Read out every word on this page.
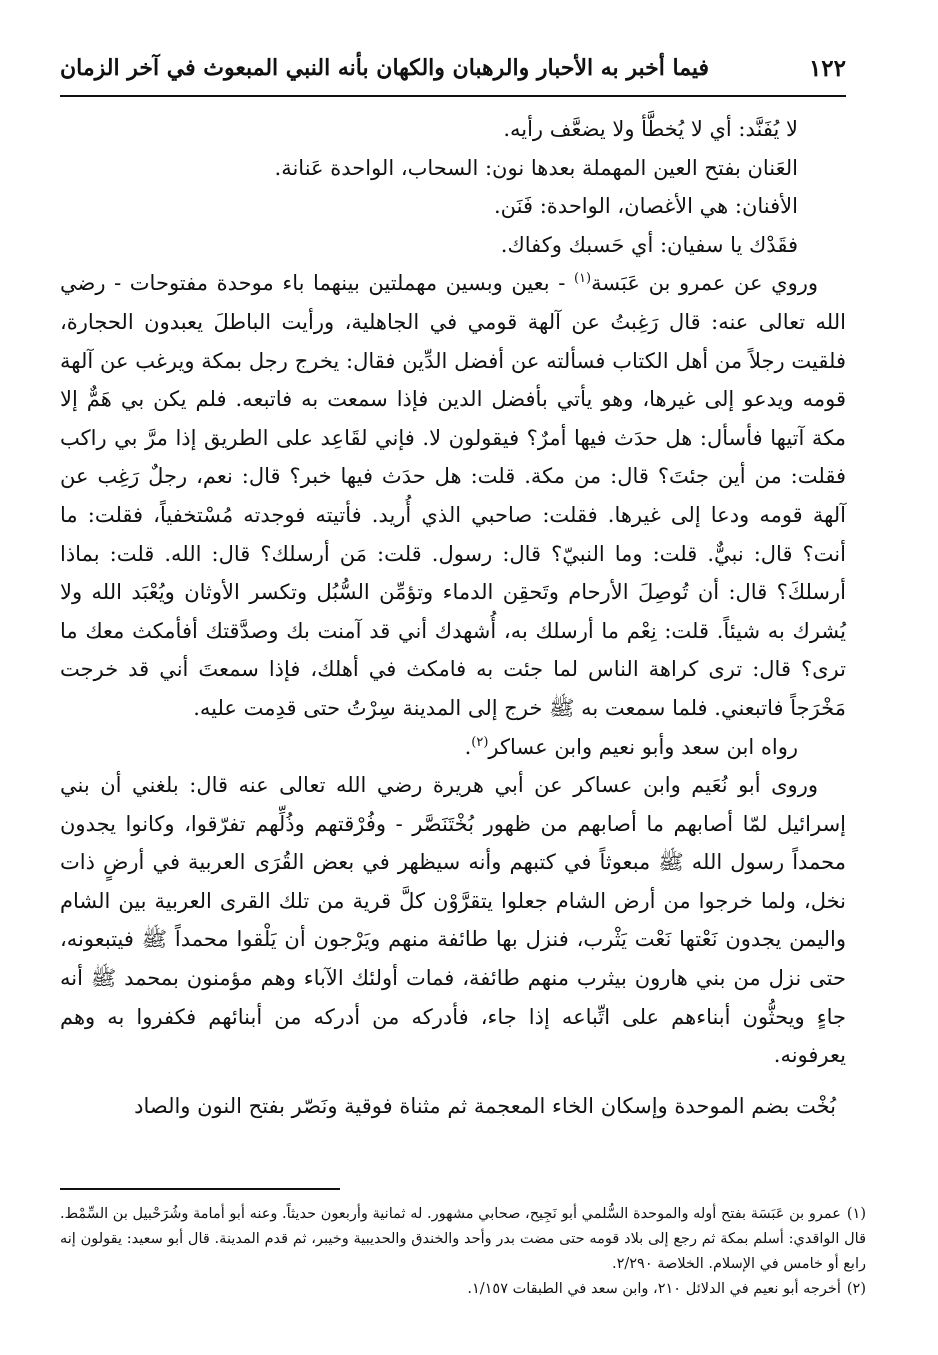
١٢٢
فيما أخبر به الأحبار والرهبان والكهان بأنه النبي المبعوث في آخر الزمان

لا يُفَنَّد: أي لا يُخطَّأ ولا يضعَّف رأيه.

العَنان بفتح العين المهملة بعدها نون: السحاب، الواحدة عَنانة.

الأفنان: هي الأغصان، الواحدة: فَنَن.

فقَدْك يا سفيان: أي حَسبك وكفاك.

وروي عن عمرو بن عَبَسة$^{(١)}$ - بعين وبسين مهملتين بينهما باء موحدة مفتوحات - رضي الله تعالى عنه: قال رَغِبتُ عن آلهة قومي في الجاهلية، ورأيت الباطلَ يعبدون الحجارة، فلقيت رجلاً من أهل الكتاب فسألته عن أفضل الدِّين فقال: يخرج رجل بمكة ويرغب عن آلهة قومه ويدعو إلى غيرها، وهو يأتي بأفضل الدين فإذا سمعت به فاتبعه. فلم يكن بي هَمٌّ إلا مكة آتيها فأسأل: هل حدَث فيها أمرٌ؟ فيقولون لا. فإني لقَاعِد على الطريق إذا مرَّ بي راكب فقلت: من أين جئتَ؟ قال: من مكة. قلت: هل حدَث فيها خبر؟ قال: نعم، رجلٌ رَغِب عن آلهة قومه ودعا إلى غيرها. فقلت: صاحبي الذي أُريد. فأتيته فوجدته مُسْتخفياً، فقلت: ما أنت؟ قال: نبيٌّ. قلت: وما النبيّ؟ قال: رسول. قلت: مَن أرسلك؟ قال: الله. قلت: بماذا أرسلكَ؟ قال: أن تُوصِلَ الأرحام وتَحقِن الدماء وتؤمِّن السُّبُل وتكسر الأوثان ويُعْبَد الله ولا يُشرك به شيئاً. قلت: نِعْم ما أرسلك به، أُشهدك أني قد آمنت بك وصدَّقتك أفأمكث معك ما ترى؟ قال: ترى كراهة الناس لما جئت به فامكث في أهلك، فإذا سمعتَ أني قد خرجت مَخْرَجاً فاتبعني. فلما سمعت به ﷺ خرج إلى المدينة سِرْتُ حتى قدِمت عليه.

رواه ابن سعد وأبو نعيم وابن عساكر$^{(٢)}$.

وروى أبو نُعَيم وابن عساكر عن أبي هريرة رضي الله تعالى عنه قال: بلغني أن بني إسرائيل لمّا أصابهم ما أصابهم من ظهور بُخْتَنَصَّر - وفُرْقتهم وذُلِّهم تفرّقوا، وكانوا يجدون محمداً رسول الله ﷺ مبعوثاً في كتبهم وأنه سيظهر في بعض القُرَى العربية في أرضٍ ذات نخل، ولما خرجوا من أرض الشام جعلوا يتقرَّوْن كلَّ قرية من تلك القرى العربية بين الشام واليمن يجدون نَعْتها نَعْت يَثْرب، فنزل بها طائفة منهم ويَرْجون أن يَلْقوا محمداً ﷺ فيتبعونه، حتى نزل من بني هارون بيثرب منهم طائفة، فمات أولئك الآباء وهم مؤمنون بمحمد ﷺ أنه جاءٍ ويحثُّون أبناءهم على اتِّباعه إذا جاء، فأدركه من أدركه من أبنائهم فكفروا به وهم يعرفونه.

بُخْت بضم الموحدة وإسكان الخاء المعجمة ثم مثناة فوقية ونَصّر بفتح النون والصاد

(١)عمرو بن عَبَسَة بفتح أوله والموحدة السُّلمي أبو نَجِيح، صحابي مشهور. له ثمانية وأربعون حديثاً. وعنه أبو أمامة وشُرَحْبيل بن السِّمْط. قال الواقدي: أسلم بمكة ثم رجع إلى بلاد قومه حتى مضت بدر وأحد والخندق والحديبية وخيبر، ثم قدم المدينة. قال أبو سعيد: يقولون إنه رابع أو خامس في الإسلام. الخلاصة ٢/٢٩٠.

(٢)أخرجه أبو نعيم في الدلائل ٢١٠، وابن سعد في الطبقات ١/١٥٧.
